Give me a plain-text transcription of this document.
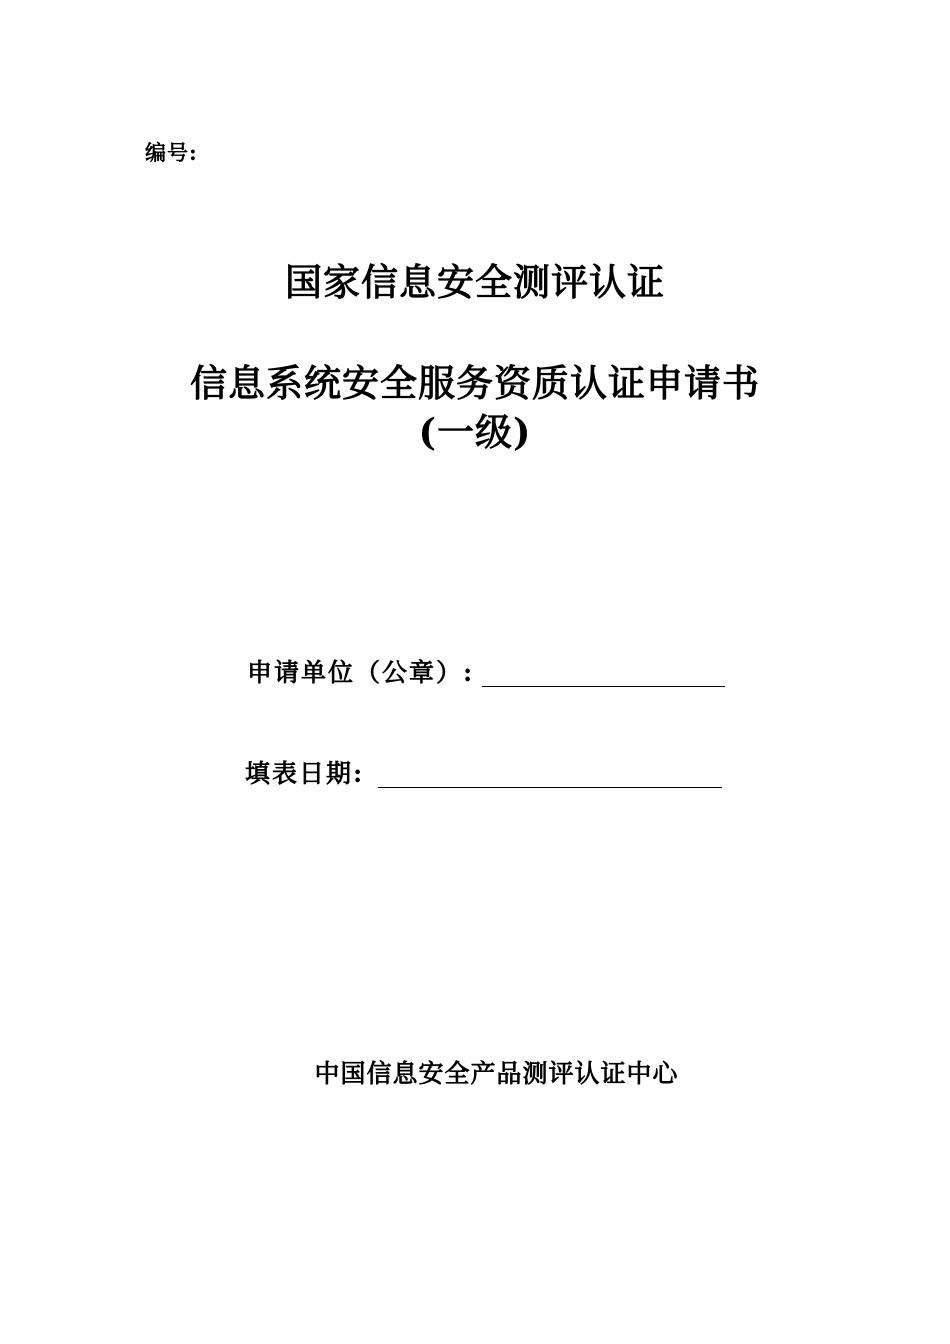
编号:
国家信息安全测评认证
信息系统安全服务资质认证申请书
(一级)
申请单位（公章）:
填表日期:
中国信息安全产品测评认证中心
